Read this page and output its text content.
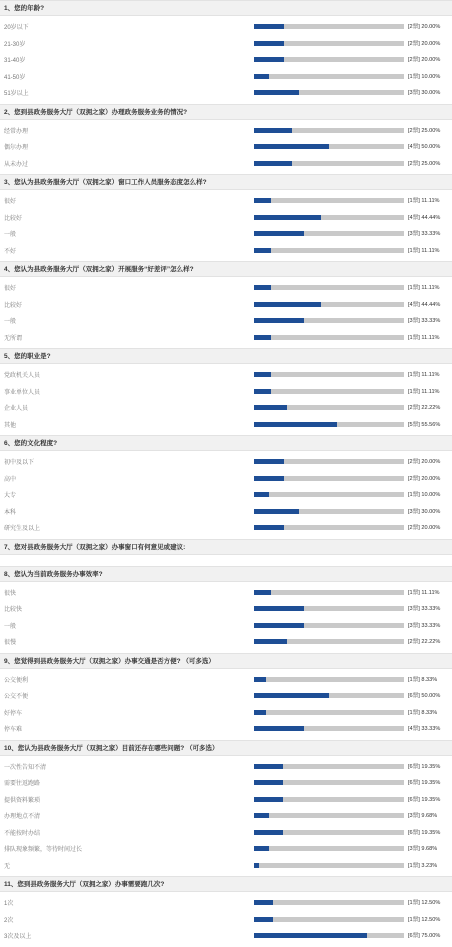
1、您的年龄?
20岁以下	[2票] 20.00%
21-30岁	[2票] 20.00%
31-40岁	[2票] 20.00%
41-50岁	[1票] 10.00%
51岁以上	[3票] 30.00%
2、您到县政务服务大厅（双拥之家）办理政务服务业务的情况?
经常办理	[2票] 25.00%
偶尔办理	[4票] 50.00%
从未办过	[2票] 25.00%
3、您认为县政务服务大厅（双拥之家）窗口工作人员服务态度怎么样?
很好	[1票] 11.11%
比较好	[4票] 44.44%
一般	[3票] 33.33%
不好	[1票] 11.11%
4、您认为县政务服务大厅（双拥之家）开展服务“好差评”怎么样?
很好	[1票] 11.11%
比较好	[4票] 44.44%
一般	[3票] 33.33%
无所谓	[1票] 11.11%
5、您的职业是?
党政机关人员	[1票] 11.11%
事业单位人员	[1票] 11.11%
企业人员	[2票] 22.22%
其他	[5票] 55.56%
6、您的文化程度?
初中及以下	[2票] 20.00%
高中	[2票] 20.00%
大专	[1票] 10.00%
本科	[3票] 30.00%
研究生及以上	[2票] 20.00%
7、您对县政务服务大厅（双拥之家）办事窗口有何意见或建议:
8、您认为当前政务服务办事效率?
很快	[1票] 11.11%
比较快	[3票] 33.33%
一般	[3票] 33.33%
很慢	[2票] 22.22%
9、您觉得到县政务服务大厅（双拥之家）办事交通是否方便? （可多选）
公交便利	[1票] 8.33%
公交不便	[6票] 50.00%
好停车	[1票] 8.33%
停车难	[4票] 33.33%
10、您认为县政务服务大厅（双拥之家）目前还存在哪些问题? （可多选）
一次性告知不清	[6票] 19.35%
需要往返跑路	[6票] 19.35%
提供资料繁琐	[6票] 19.35%
办理地点不清	[3票] 9.68%
不能按时办结	[6票] 19.35%
排队现象频繁，等待时间过长	[3票] 9.68%
无	[1票] 3.23%
11、您到县政务服务大厅（双拥之家）办事需要跑几次?
1次	[1票] 12.50%
2次	[1票] 12.50%
3次及以上	[6票] 75.00%
